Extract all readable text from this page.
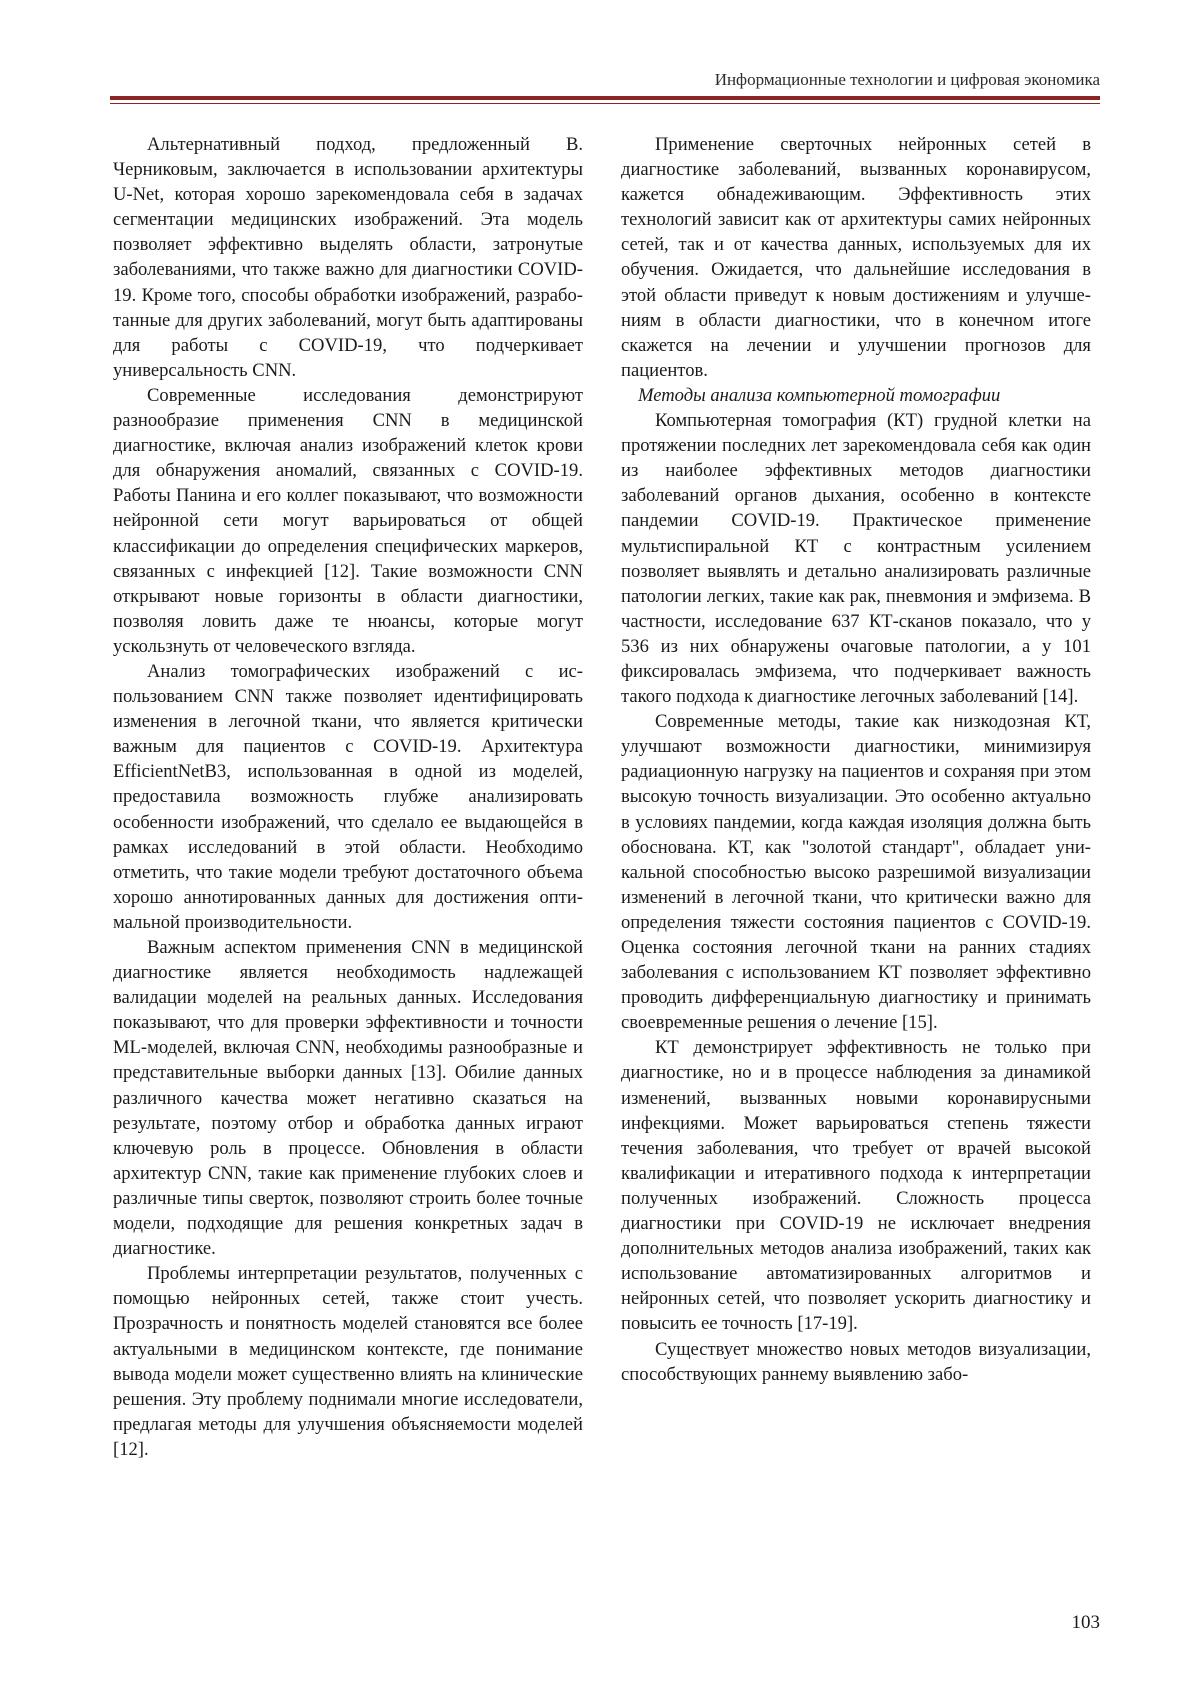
Информационные технологии и цифровая экономика

Альтернативный подход, предложенный В. Черниковым, заключается в использовании архитектуры U-Net, которая хорошо зарекомендовала себя в задачах сегментации медицинских изображений. Эта модель позволяет эффективно выделять области, затронутые заболеваниями, что также важно для диагностики COVID-19. Кроме того, способы обработки изображений, разработанные для других заболеваний, могут быть адаптированы для работы с COVID-19, что подчеркивает универсальность CNN.

Современные исследования демонстрируют разнообразие применения CNN в медицинской диагностике, включая анализ изображений клеток крови для обнаружения аномалий, связанных с COVID-19. Работы Панина и его коллег показывают, что возможности нейронной сети могут варьироваться от общей классификации до определения специфических маркеров, связанных с инфекцией [12]. Такие возможности CNN открывают новые горизонты в области диагностики, позволяя ловить даже те нюансы, которые могут ускользнуть от человеческого взгляда.

Анализ томографических изображений с использованием CNN также позволяет идентифицировать изменения в легочной ткани, что является критически важным для пациентов с COVID-19. Архитектура EfficientNetB3, использованная в одной из моделей, предоставила возможность глубже анализировать особенности изображений, что сделало ее выдающейся в рамках исследований в этой области. Необходимо отметить, что такие модели требуют достаточного объема хорошо аннотированных данных для достижения оптимальной производительности.

Важным аспектом применения CNN в медицинской диагностике является необходимость надлежащей валидации моделей на реальных данных. Исследования показывают, что для проверки эффективности и точности ML-моделей, включая CNN, необходимы разнообразные и представительные выборки данных [13]. Обилие данных различного качества может негативно сказаться на результате, поэтому отбор и обработка данных играют ключевую роль в процессе. Обновления в области архитектур CNN, такие как применение глубоких слоев и различные типы сверток, позволяют строить более точные модели, подходящие для решения конкретных задач в диагностике.

Проблемы интерпретации результатов, полученных с помощью нейронных сетей, также стоит учесть. Прозрачность и понятность моделей становятся все более актуальными в медицинском контексте, где понимание вывода модели может существенно влиять на клинические решения. Эту проблему поднимали многие исследователи, предлагая методы для улучшения объясняемости моделей [12].

Применение сверточных нейронных сетей в диагностике заболеваний, вызванных коронавирусом, кажется обнадеживающим. Эффективность этих технологий зависит как от архитектуры самих нейронных сетей, так и от качества данных, используемых для их обучения. Ожидается, что дальнейшие исследования в этой области приведут к новым достижениям и улучшениям в области диагностики, что в конечном итоге скажется на лечении и улучшении прогнозов для пациентов.

Методы анализа компьютерной томографии

Компьютерная томография (КТ) грудной клетки на протяжении последних лет зарекомендовала себя как один из наиболее эффективных методов диагностики заболеваний органов дыхания, особенно в контексте пандемии COVID-19. Практическое применение мультиспиральной КТ с контрастным усилением позволяет выявлять и детально анализировать различные патологии легких, такие как рак, пневмония и эмфизема. В частности, исследование 637 КТ-сканов показало, что у 536 из них обнаружены очаговые патологии, а у 101 фиксировалась эмфизема, что подчеркивает важность такого подхода к диагностике легочных заболеваний [14].

Современные методы, такие как низкодозная КТ, улучшают возможности диагностики, минимизируя радиационную нагрузку на пациентов и сохраняя при этом высокую точность визуализации. Это особенно актуально в условиях пандемии, когда каждая изоляция должна быть обоснована. КТ, как "золотой стандарт", обладает уникальной способностью высоко разрешимой визуализации изменений в легочной ткани, что критически важно для определения тяжести состояния пациентов с COVID-19. Оценка состояния легочной ткани на ранних стадиях заболевания с использованием КТ позволяет эффективно проводить дифференциальную диагностику и принимать своевременные решения о лечение [15].

КТ демонстрирует эффективность не только при диагностике, но и в процессе наблюдения за динамикой изменений, вызванных новыми коронавирусными инфекциями. Может варьироваться степень тяжести течения заболевания, что требует от врачей высокой квалификации и итеративного подхода к интерпретации полученных изображений. Сложность процесса диагностики при COVID-19 не исключает внедрения дополнительных методов анализа изображений, таких как использование автоматизированных алгоритмов и нейронных сетей, что позволяет ускорить диагностику и повысить ее точность [17-19].

Существует множество новых методов визуализации, способствующих раннему выявлению забо-

103
